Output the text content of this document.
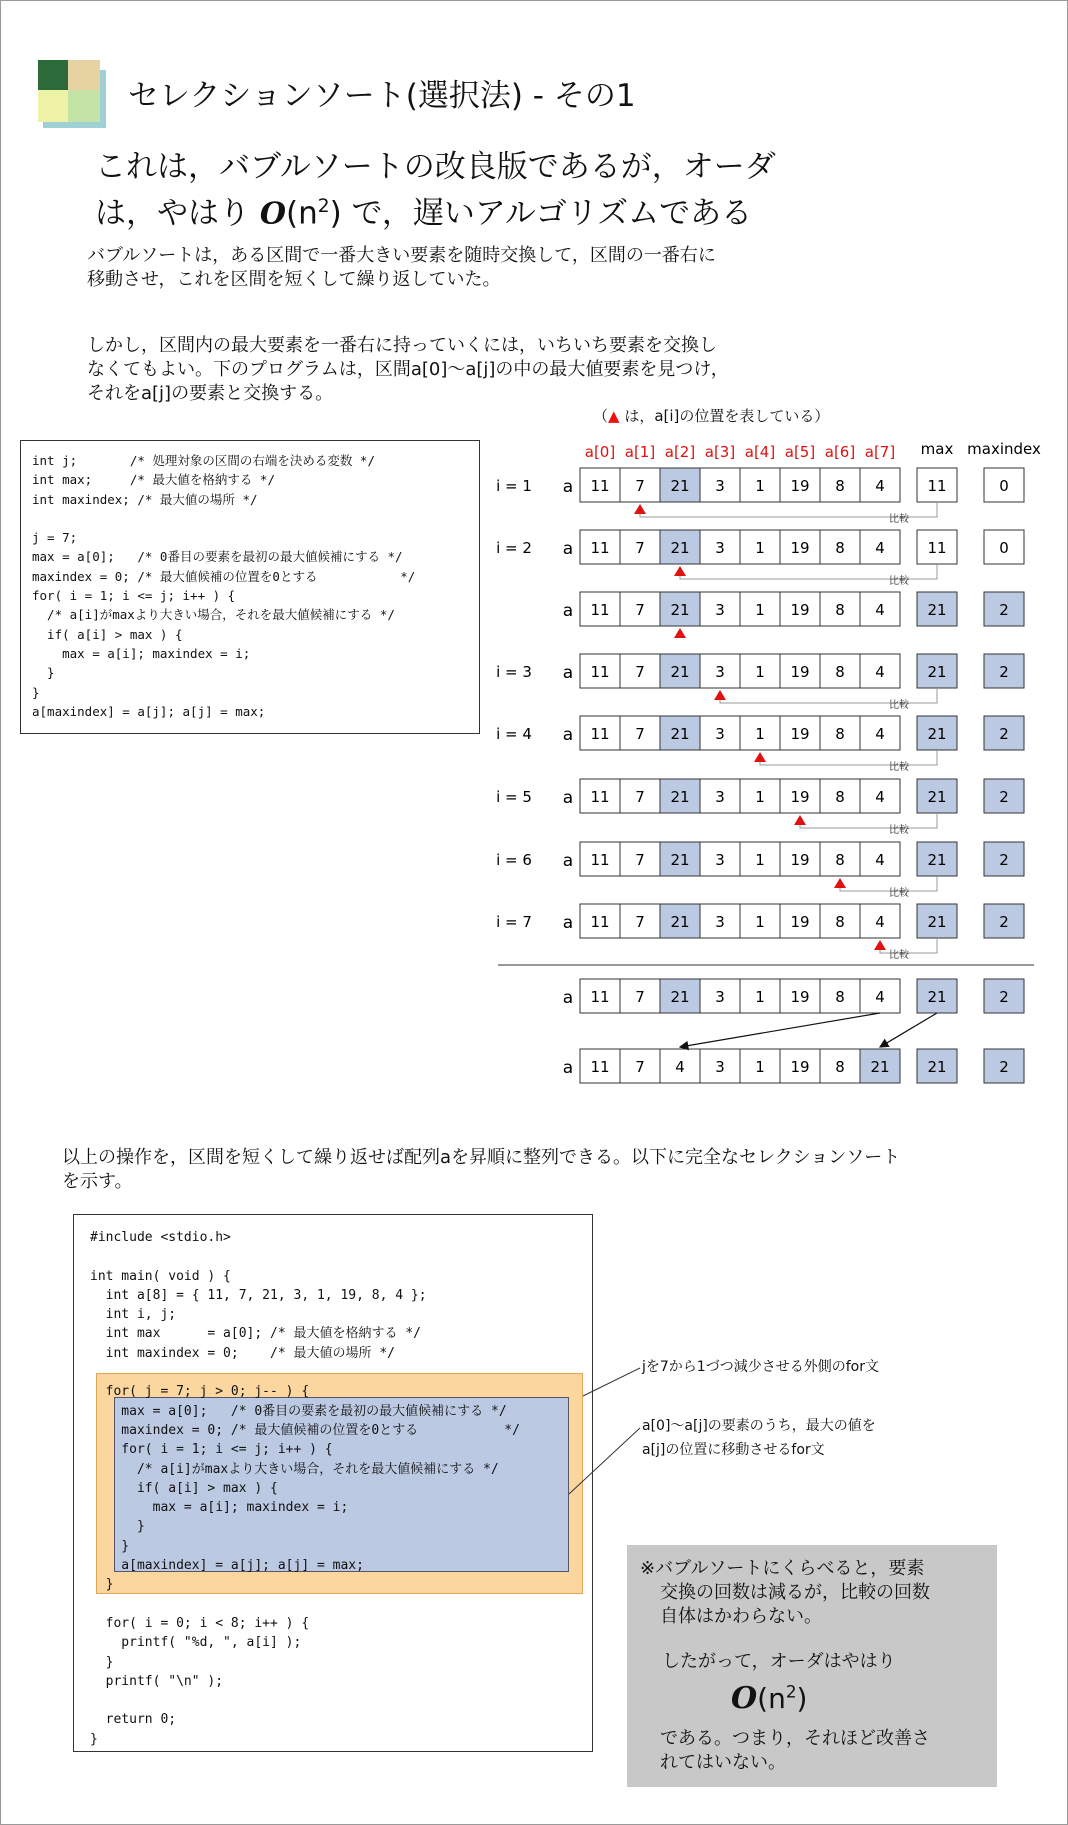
セレクションソート(選択法) - その1
これは，バブルソートの改良版であるが，オーダ
は，やはり $O(n^2)$ で，遅いアルゴリズムである
バブルソートは，ある区間で一番大きい要素を随時交換して，区間の一番右に
移動させ，これを区間を短くして繰り返していた。
しかし，区間内の最大要素を一番右に持っていくには，いちいち要素を交換し
なくてもよい。下のプログラムは，区間a[0]〜a[j]の中の最大値要素を見つけ，
それをa[j]の要素と交換する。
（▲ は，a[i]の位置を表している）
int j;       /* 処理対象の区間の右端を決める変数 */
int max;     /* 最大値を格納する */
int maxindex; /* 最大値の場所 */

j = 7;
max = a[0];   /* 0番目の要素を最初の最大値候補にする */
maxindex = 0; /* 最大値候補の位置を0とする           */
for( i = 1; i <= j; i++ ) {
/* a[i]がmaxより大きい場合，それを最大値候補にする */
if( a[i] > max ) {
max = a[i]; maxindex = i;
}
}
a[maxindex] = a[j]; a[j] = max;
a[0] a[1] a[2] a[3] a[4] a[5] a[6] a[7] max maxindex
i = 1 a 11 7 21 3 1 19 8 4	11	0
比較
i = 2 a 11 7 21 3 1 19 8 4	11	0
比較
a 11 7 21 3 1 19 8 4	21	2
i = 3 a 11 7 21 3 1 19 8 4	21	2
比較
i = 4 a 11 7 21 3 1 19 8 4	21	2
比較
i = 5 a 11 7 21 3 1 19 8 4	21	2
比較
i = 6 a 11 7 21 3 1 19 8 4	21	2
比較
i = 7 a 11 7 21 3 1 19 8 4	21	2
比較
a 11 7 21 3 1 19 8 4	21	2
a 11 7 4 3 1 19 8 21	21	2
以上の操作を，区間を短くして繰り返せば配列aを昇順に整列できる。以下に完全なセレクションソート
を示す。
#include <stdio.h>

int main( void ) {
int a[8] = { 11, 7, 21, 3, 1, 19, 8, 4 };
int i, j;
int max      = a[0]; /* 最大値を格納する */
int maxindex = 0;    /* 最大値の場所 */

for( j = 7; j > 0; j-- ) {
max = a[0];   /* 0番目の要素を最初の最大値候補にする */
maxindex = 0; /* 最大値候補の位置を0とする           */
for( i = 1; i <= j; i++ ) {
/* a[i]がmaxより大きい場合，それを最大値候補にする */
if( a[i] > max ) {
max = a[i]; maxindex = i;
}
}
a[maxindex] = a[j]; a[j] = max;
}

for( i = 0; i < 8; i++ ) {
printf( "%d, ", a[i] );
}
printf( "\n" );

return 0;
}
jを7から1づつ減少させる外側のfor文
a[0]〜a[j]の要素のうち，最大の値を
a[j]の位置に移動させるfor文
※バブルソートにくらべると，要素
交換の回数は減るが，比較の回数
自体はかわらない。
したがって，オーダはやはり
$O(n^2)$
である。つまり，それほど改善さ
れてはいない。
